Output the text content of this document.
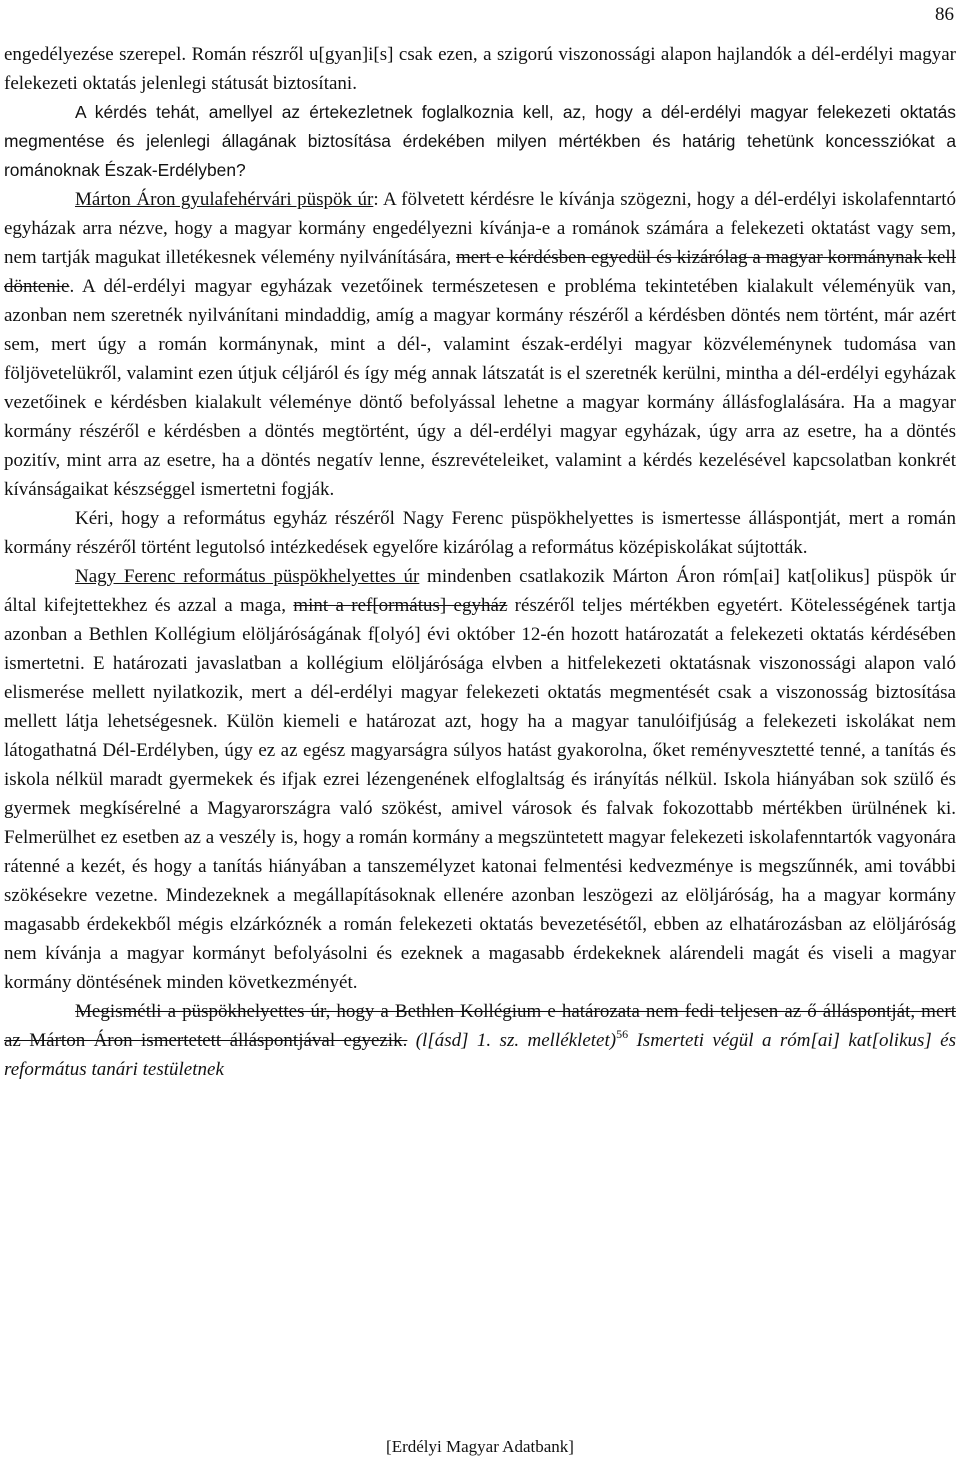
86

engedélyezése szerepel. Román részről u[gyan]i[s] csak ezen, a szigorú viszonossági alapon hajlandók a dél-erdélyi magyar felekezeti oktatás jelenlegi státusát biztosítani.

A kérdés tehát, amellyel az értekezletnek foglalkoznia kell, az, hogy a dél-erdélyi magyar felekezeti oktatás megmentése és jelenlegi állagának biztosítása érdekében milyen mértékben és határig tehetünk koncessziókat a románoknak Észak-Erdélyben?

Márton Áron gyulafehérvári püspök úr: A fölvetett kérdésre le kívánja szögezni, hogy a dél-erdélyi iskolafenntartó egyházak arra nézve, hogy a magyar kormány engedélyezni kívánja-e a románok számára a felekezeti oktatást vagy sem, nem tartják magukat illetékesnek vélemény nyilvánítására, mert e kérdésben egyedül és kizárólag a magyar kormánynak kell döntenie. A dél-erdélyi magyar egyházak vezetőinek természetesen e probléma tekintetében kialakult véleményük van, azonban nem szeretnék nyilvánítani mindaddig, amíg a magyar kormány részéről a kérdésben döntés nem történt, már azért sem, mert úgy a román kormánynak, mint a dél-, valamint észak-erdélyi magyar közvéleménynek tudomása van följövetelükről, valamint ezen útjuk céljáról és így még annak látszatát is el szeretnék kerülni, mintha a dél-erdélyi egyházak vezetőinek e kérdésben kialakult véleménye döntő befolyással lehetne a magyar kormány állásfoglalására. Ha a magyar kormány részéről e kérdésben a döntés megtörtént, úgy a dél-erdélyi magyar egyházak, úgy arra az esetre, ha a döntés pozitív, mint arra az esetre, ha a döntés negatív lenne, észrevételeiket, valamint a kérdés kezelésével kapcsolatban konkrét kívánságaikat készséggel ismertetni fogják.

Kéri, hogy a református egyház részéről Nagy Ferenc püspökhelyettes is ismertesse álláspontját, mert a román kormány részéről történt legutolsó intézkedések egyelőre kizárólag a református középiskolákat sújtották.

Nagy Ferenc református püspökhelyettes úr mindenben csatlakozik Márton Áron róm[ai] kat[olikus] püspök úr által kifejtettekhez és azzal a maga, mint a ref[ormátus] egyház részéről teljes mértékben egyetért. Kötelességének tartja azonban a Bethlen Kollégium elöljáróságának f[olyó] évi október 12-én hozott határozatát a felekezeti oktatás kérdésében ismertetni. E határozati javaslatban a kollégium elöljárósága elvben a hitfelekezeti oktatásnak viszonossági alapon való elismerése mellett nyilatkozik, mert a dél-erdélyi magyar felekezeti oktatás megmentését csak a viszonosság biztosítása mellett látja lehetségesnek. Külön kiemeli e határozat azt, hogy ha a magyar tanulóifjúság a felekezeti iskolákat nem látogathatná Dél-Erdélyben, úgy ez az egész magyarságra súlyos hatást gyakorolna, őket reményvesztetté tenné, a tanítás és iskola nélkül maradt gyermekek és ifjak ezrei lézengenének elfoglaltság és irányítás nélkül. Iskola hiányában sok szülő és gyermek megkísérelné a Magyarországra való szökést, amivel városok és falvak fokozottabb mértékben ürülnének ki. Felmerülhet ez esetben az a veszély is, hogy a román kormány a megszüntetett magyar felekezeti iskolafenntartók vagyonára rátenné a kezét, és hogy a tanítás hiányában a tanszemélyzet katonai felmentési kedvezménye is megszűnnék, ami további szökésekre vezetne. Mindezeknek a megállapításoknak ellenére azonban leszögezi az elöljáróság, ha a magyar kormány magasabb érdekekből mégis elzárkóznék a román felekezeti oktatás bevezetésétől, ebben az elhatározásban az elöljáróság nem kívánja a magyar kormányt befolyásolni és ezeknek a magasabb érdekeknek alárendeli magát és viseli a magyar kormány döntésének minden következményét.

Megismétli a püspökhelyettes úr, hogy a Bethlen Kollégium e határozata nem fedi teljesen az ő álláspontját, mert az Márton Áron ismertetett álláspontjával egyezik. (l[ásd] 1. sz. mellékletet)$^{56}$ Ismerteti végül a róm[ai] kat[olikus] és református tanári testületnek

[Erdélyi Magyar Adatbank]
